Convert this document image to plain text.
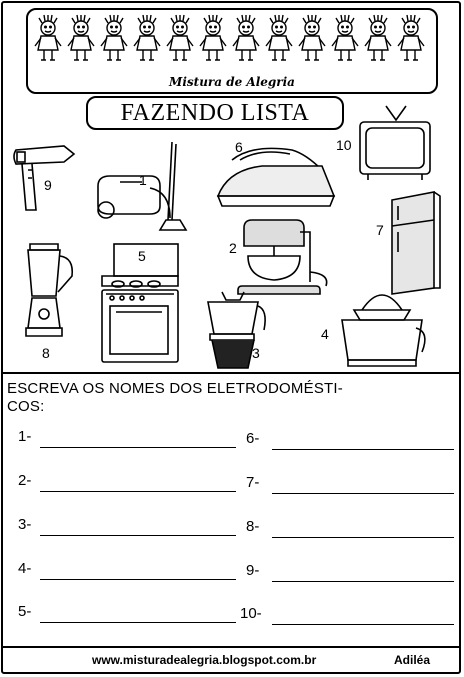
Mistura de Alegria
FAZENDO LISTA
1
2
3
4
5
6
7
8
9
10
ESCREVA OS NOMES DOS ELETRODOMÉSTI-
COS:
1-
2-
3-
4-
5-
6-
7-
8-
9-
10-
www.misturadealegria.blogspot.com.br	Adiléa
